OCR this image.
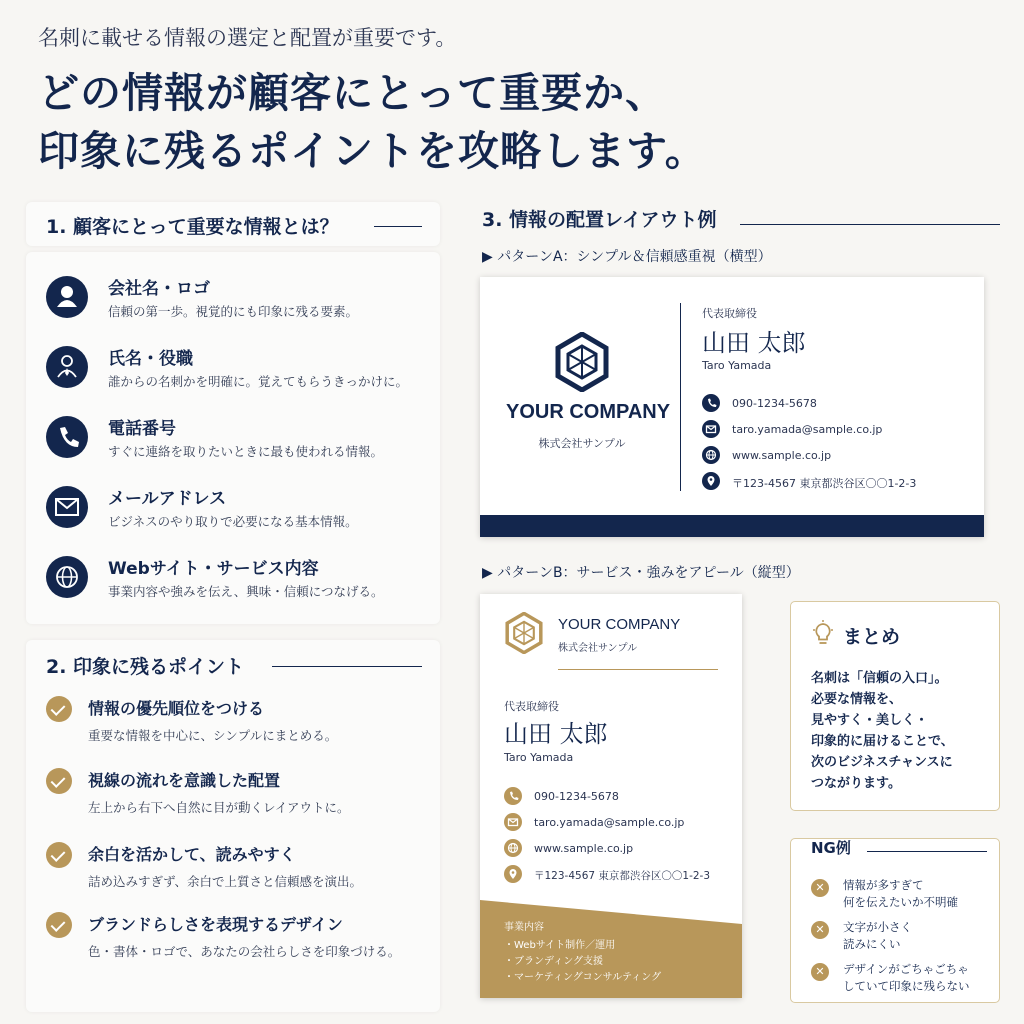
名刺に載せる情報の選定と配置が重要です。
どの情報が顧客にとって重要か、
印象に残るポイントを攻略します。
1. 顧客にとって重要な情報とは？
会社名・ロゴ
信頼の第一歩。視覚的にも印象に残る要素。
氏名・役職
誰からの名刺かを明確に。覚えてもらうきっかけに。
電話番号
すぐに連絡を取りたいときに最も使われる情報。
メールアドレス
ビジネスのやり取りで必要になる基本情報。
Webサイト・サービス内容
事業内容や強みを伝え、興味・信頼につなげる。
2. 印象に残るポイント
情報の優先順位をつける
重要な情報を中心に、シンプルにまとめる。
視線の流れを意識した配置
左上から右下へ自然に目が動くレイアウトに。
余白を活かして、読みやすく
詰め込みすぎず、余白で上質さと信頼感を演出。
ブランドらしさを表現するデザイン
色・書体・ロゴで、あなたの会社らしさを印象づける。
3. 情報の配置レイアウト例
▶ パターンA：シンプル＆信頼感重視（横型）
YOUR COMPANY
株式会社サンプル
代表取締役
山田 太郎
Taro Yamada
090-1234-5678
taro.yamada@sample.co.jp
www.sample.co.jp
〒123-4567 東京都渋谷区〇〇1-2-3
▶ パターンB：サービス・強みをアピール（縦型）
YOUR COMPANY
株式会社サンプル
代表取締役
山田 太郎
Taro Yamada
090-1234-5678
taro.yamada@sample.co.jp
www.sample.co.jp
〒123-4567 東京都渋谷区〇〇1-2-3
事業内容
・Webサイト制作／運用
・ブランディング支援
・マーケティングコンサルティング
まとめ
名刺は「信頼の入口」。
必要な情報を、
見やすく・美しく・
印象的に届けることで、
次のビジネスチャンスに
つながります。
NG例
✕	情報が多すぎて
何を伝えたいか不明確
✕	文字が小さく
読みにくい
✕	デザインがごちゃごちゃ
していて印象に残らない
